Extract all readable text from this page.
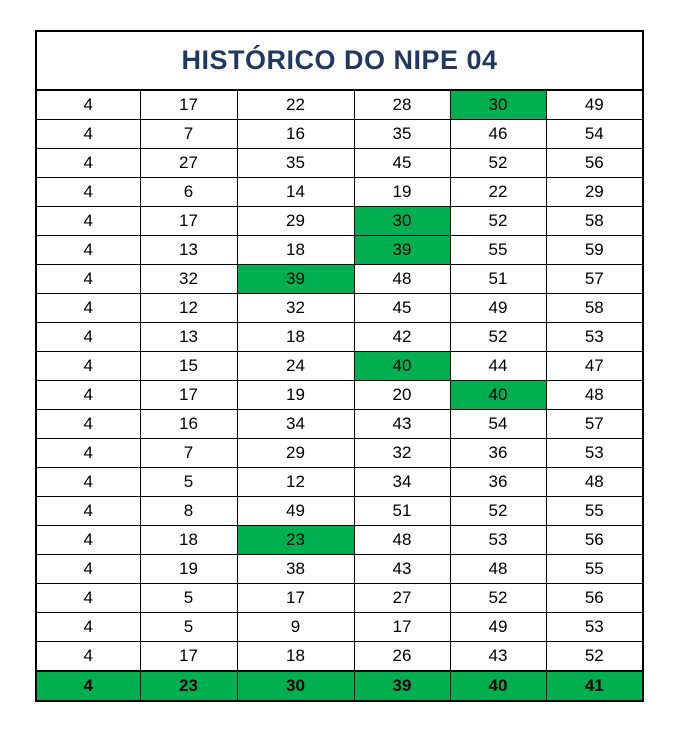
HISTÓRICO DO NIPE 04					
4	17	22	28	30	49
4	7	16	35	46	54
4	27	35	45	52	56
4	6	14	19	22	29
4	17	29	30	52	58
4	13	18	39	55	59
4	32	39	48	51	57
4	12	32	45	49	58
4	13	18	42	52	53
4	15	24	40	44	47
4	17	19	20	40	48
4	16	34	43	54	57
4	7	29	32	36	53
4	5	12	34	36	48
4	8	49	51	52	55
4	18	23	48	53	56
4	19	38	43	48	55
4	5	17	27	52	56
4	5	9	17	49	53
4	17	18	26	43	52
4	23	30	39	40	41
